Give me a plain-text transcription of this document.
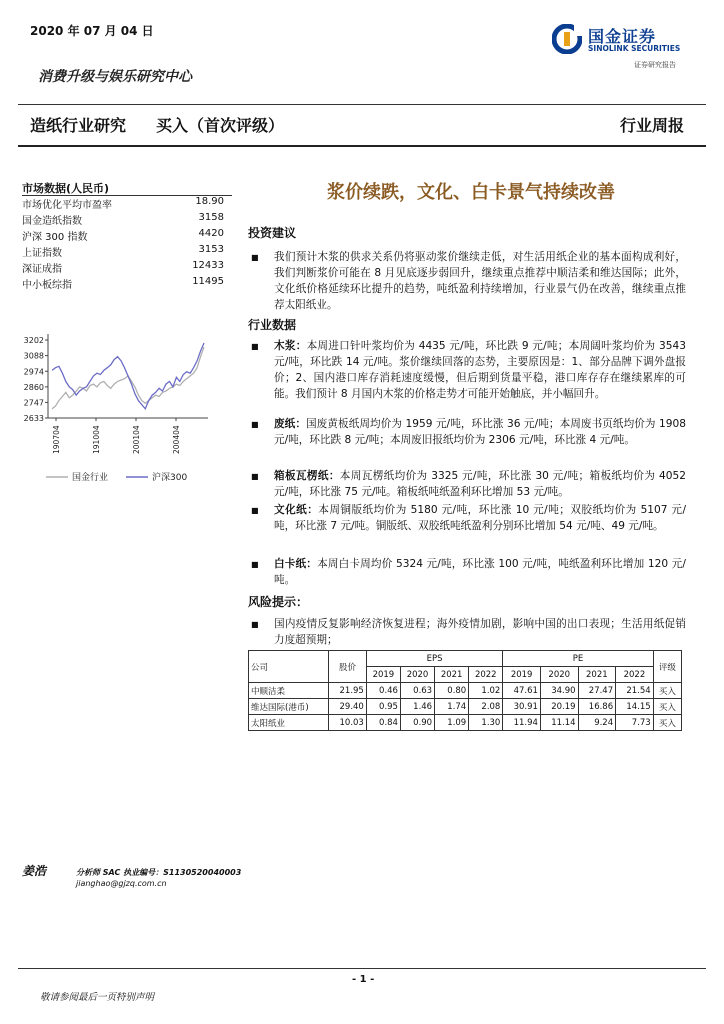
2020 年 07 月 04 日	国金证券
SINOLINK SECURITIES
证券研究报告
消费升级与娱乐研究中心
造纸行业研究 买入（首次评级）	行业周报
市场数据(人民币)
市场优化平均市盈率	18.90
国金造纸指数	3158
沪深 300 指数	4420
上证指数	3153
深证成指	12433
中小板综指	11495
3202
3088
2974
2860
2747
2633
190704	191004	200104	200404
国金行业	沪深300
浆价续跌，文化、白卡景气持续改善
投资建议
■ 我们预计木浆的供求关系仍将驱动浆价继续走低，对生活用纸企业的基本面构成利好，我们判断浆价可能在 8 月见底逐步弱回升，继续重点推荐中顺洁柔和维达国际；此外，文化纸价格延续环比提升的趋势，吨纸盈利持续增加，行业景气仍在改善，继续重点推荐太阳纸业。
行业数据
■ 木浆：本周进口针叶浆均价为 4435 元/吨，环比跌 9 元/吨；本周阔叶浆均价为 3543 元/吨，环比跌 14 元/吨。浆价继续回落的态势，主要原因是：1、部分品牌下调外盘报价；2、国内港口库存消耗速度缓慢，但后期到货量平稳，港口库存存在继续累库的可能。我们预计 8 月国内木浆的价格走势才可能开始触底，并小幅回升。
■ 废纸：国废黄板纸周均价为 1959 元/吨，环比涨 36 元/吨；本周废书页纸均价为 1908 元/吨，环比跌 8 元/吨；本周废旧报纸均价为 2306 元/吨，环比涨 4 元/吨。
■ 箱板瓦楞纸：本周瓦楞纸均价为 3325 元/吨，环比涨 30 元/吨；箱板纸均价为 4052 元/吨，环比涨 75 元/吨。箱板纸吨纸盈利环比增加 53 元/吨。
■ 文化纸：本周铜版纸均价为 5180 元/吨，环比涨 10 元/吨；双胶纸均价为 5107 元/吨，环比涨 7 元/吨。铜版纸、双胶纸吨纸盈利分别环比增加 54 元/吨、49 元/吨。
■ 白卡纸：本周白卡周均价 5324 元/吨，环比涨 100 元/吨，吨纸盈利环比增加 120 元/吨。
风险提示：
■ 国内疫情反复影响经济恢复进程；海外疫情加剧，影响中国的出口表现；生活用纸促销力度超预期；
公司	股价	EPS				PE				评级
		2019	2020	2021	2022	2019	2020	2021	2022	
中顺洁柔	21.95	0.46	0.63	0.80	1.02	47.61	34.90	27.47	21.54	买入
维达国际(港币)	29.40	0.95	1.46	1.74	2.08	30.91	20.19	16.86	14.15	买入
太阳纸业	10.03	0.84	0.90	1.09	1.30	11.94	11.14	9.24	7.73	买入
姜浩	分析师 SAC 执业编号：S1130520040003
jianghao@gjzq.com.cn
- 1 -
敬请参阅最后一页特别声明
